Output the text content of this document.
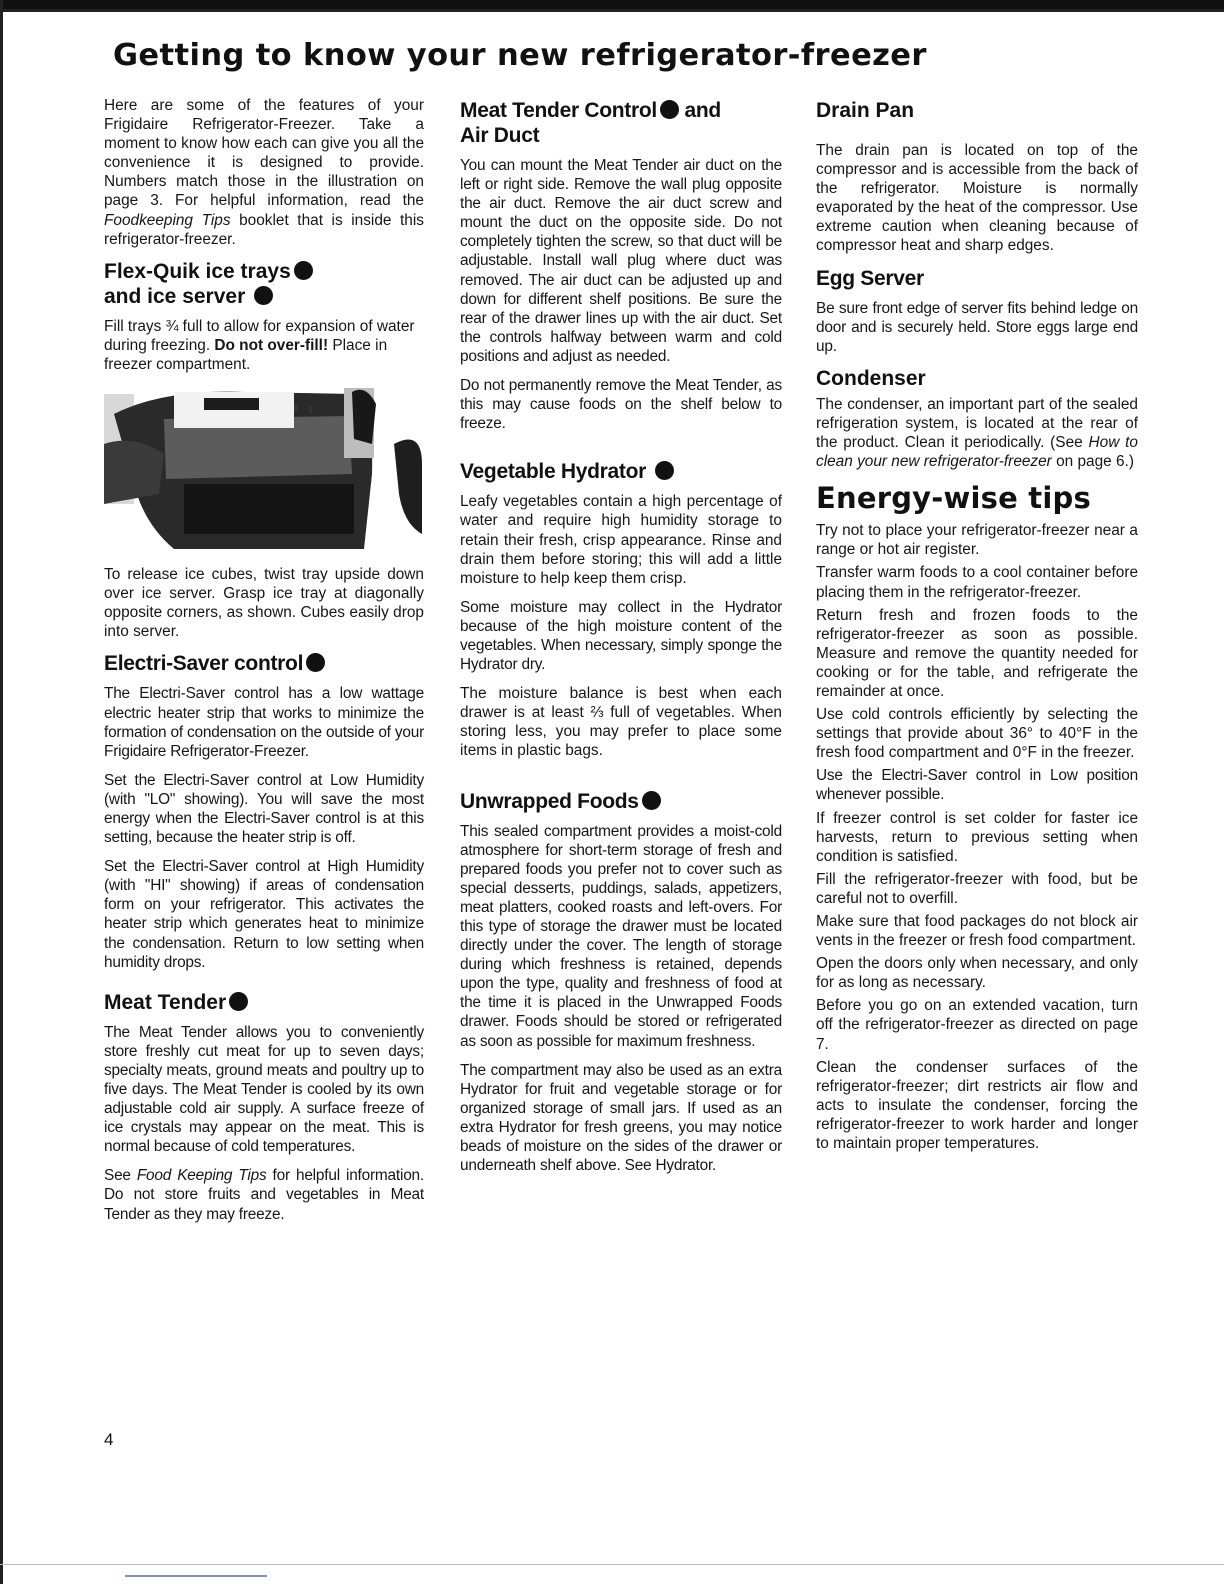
Getting to know your new refrigerator-freezer

Here are some of the features of your Frigidaire Refrigerator-Freezer. Take a moment to know how each can give you all the convenience it is designed to provide. Numbers match those in the illustration on page 3. For helpful information, read the Foodkeeping Tips booklet that is inside this refrigerator-freezer.

Flex-Quik ice trays
and ice server

Fill trays ¾ full to allow for expansion of water during freezing. Do not over-fill! Place in freezer compartment.

To release ice cubes, twist tray upside down over ice server. Grasp ice tray at diagonally opposite corners, as shown. Cubes easily drop into server.

Electri-Saver control

The Electri-Saver control has a low wattage electric heater strip that works to minimize the formation of condensation on the outside of your Frigidaire Refrigerator-Freezer.

Set the Electri-Saver control at Low Humidity (with "LO" showing). You will save the most energy when the Electri-Saver control is at this setting, because the heater strip is off.

Set the Electri-Saver control at High Humidity (with "HI" showing) if areas of condensation form on your refrigerator. This activates the heater strip which generates heat to minimize the condensation. Return to low setting when humidity drops.

Meat Tender

The Meat Tender allows you to conveniently store freshly cut meat for up to seven days; specialty meats, ground meats and poultry up to five days. The Meat Tender is cooled by its own adjustable cold air supply. A surface freeze of ice crystals may appear on the meat. This is normal because of cold temperatures.

See Food Keeping Tips for helpful information. Do not store fruits and vegetables in Meat Tender as they may freeze.

Meat Tender Control and
Air Duct

You can mount the Meat Tender air duct on the left or right side. Remove the wall plug opposite the air duct. Remove the air duct screw and mount the duct on the opposite side. Do not completely tighten the screw, so that duct will be adjustable. Install wall plug where duct was removed. The air duct can be adjusted up and down for different shelf positions. Be sure the rear of the drawer lines up with the air duct. Set the controls halfway between warm and cold positions and adjust as needed.

Do not permanently remove the Meat Tender, as this may cause foods on the shelf below to freeze.

Vegetable Hydrator

Leafy vegetables contain a high percentage of water and require high humidity storage to retain their fresh, crisp appearance. Rinse and drain them before storing; this will add a little moisture to help keep them crisp.

Some moisture may collect in the Hydrator because of the high moisture content of the vegetables. When necessary, simply sponge the Hydrator dry.

The moisture balance is best when each drawer is at least ⅔ full of vegetables. When storing less, you may prefer to place some items in plastic bags.

Unwrapped Foods

This sealed compartment provides a moist-cold atmosphere for short-term storage of fresh and prepared foods you prefer not to cover such as special desserts, puddings, salads, appetizers, meat platters, cooked roasts and left-overs. For this type of storage the drawer must be located directly under the cover. The length of storage during which freshness is retained, depends upon the type, quality and freshness of food at the time it is placed in the Unwrapped Foods drawer. Foods should be stored or refrigerated as soon as possible for maximum freshness.

The compartment may also be used as an extra Hydrator for fruit and vegetable storage or for organized storage of small jars. If used as an extra Hydrator for fresh greens, you may notice beads of moisture on the sides of the drawer or underneath shelf above. See Hydrator.

Drain Pan

The drain pan is located on top of the compressor and is accessible from the back of the refrigerator. Moisture is normally evaporated by the heat of the compressor. Use extreme caution when cleaning because of compressor heat and sharp edges.

Egg Server

Be sure front edge of server fits behind ledge on door and is securely held. Store eggs large end up.

Condenser

The condenser, an important part of the sealed refrigeration system, is located at the rear of the product. Clean it periodically. (See How to clean your new refrigerator-freezer on page 6.)

Energy-wise tips

Try not to place your refrigerator-freezer near a range or hot air register.

Transfer warm foods to a cool container before placing them in the refrigerator-freezer.

Return fresh and frozen foods to the refrigerator-freezer as soon as possible. Measure and remove the quantity needed for cooking or for the table, and refrigerate the remainder at once.

Use cold controls efficiently by selecting the settings that provide about 36° to 40°F in the fresh food compartment and 0°F in the freezer.

Use the Electri-Saver control in Low position whenever possible.

If freezer control is set colder for faster ice harvests, return to previous setting when condition is satisfied.

Fill the refrigerator-freezer with food, but be careful not to overfill.

Make sure that food packages do not block air vents in the freezer or fresh food compartment.

Open the doors only when necessary, and only for as long as necessary.

Before you go on an extended vacation, turn off the refrigerator-freezer as directed on page 7.

Clean the condenser surfaces of the refrigerator-freezer; dirt restricts air flow and acts to insulate the condenser, forcing the refrigerator-freezer to work harder and longer to maintain proper temperatures.

4
